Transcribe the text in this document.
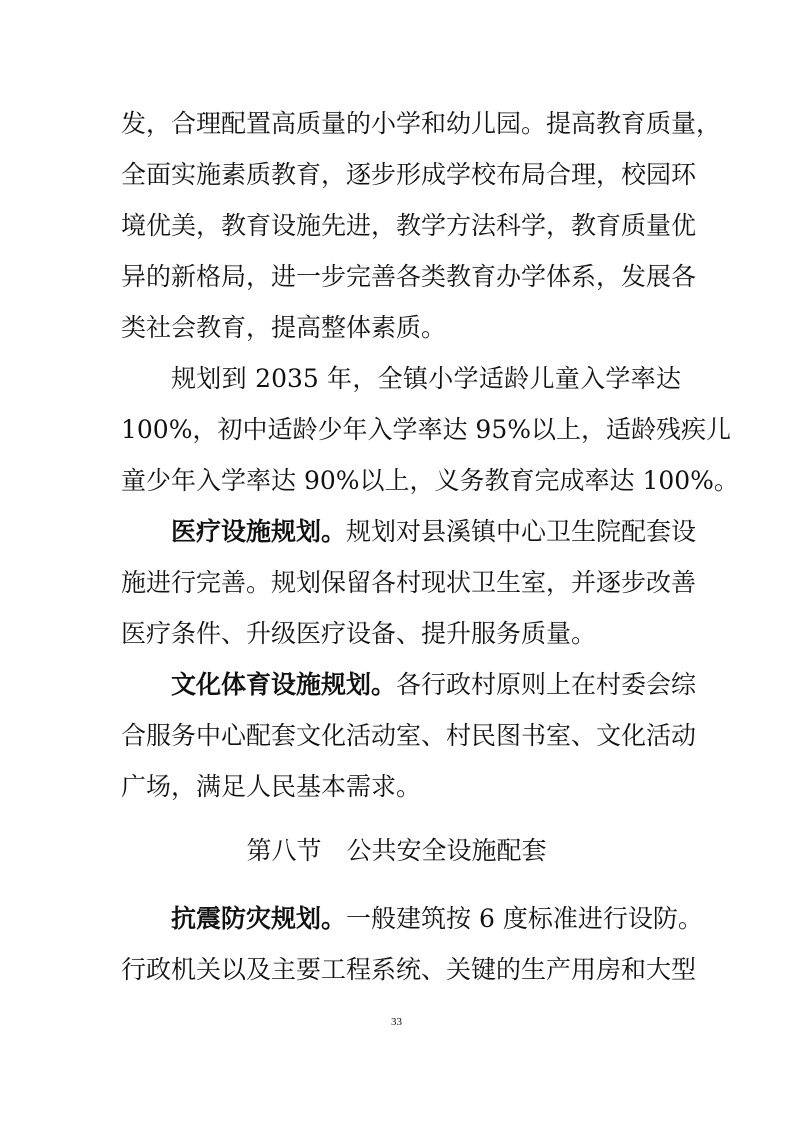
发，合理配置高质量的小学和幼儿园。提高教育质量，
全面实施素质教育，逐步形成学校布局合理，校园环
境优美，教育设施先进，教学方法科学，教育质量优
异的新格局，进一步完善各类教育办学体系，发展各
类社会教育，提高整体素质。
规划到 2035 年，全镇小学适龄儿童入学率达
100%，初中适龄少年入学率达 95%以上，适龄残疾儿
童少年入学率达 90%以上，义务教育完成率达 100%。
医疗设施规划。规划对县溪镇中心卫生院配套设
施进行完善。规划保留各村现状卫生室，并逐步改善
医疗条件、升级医疗设备、提升服务质量。
文化体育设施规划。各行政村原则上在村委会综
合服务中心配套文化活动室、村民图书室、文化活动
广场，满足人民基本需求。
第八节　公共安全设施配套
抗震防灾规划。一般建筑按 6 度标准进行设防。
行政机关以及主要工程系统、关键的生产用房和大型
33
